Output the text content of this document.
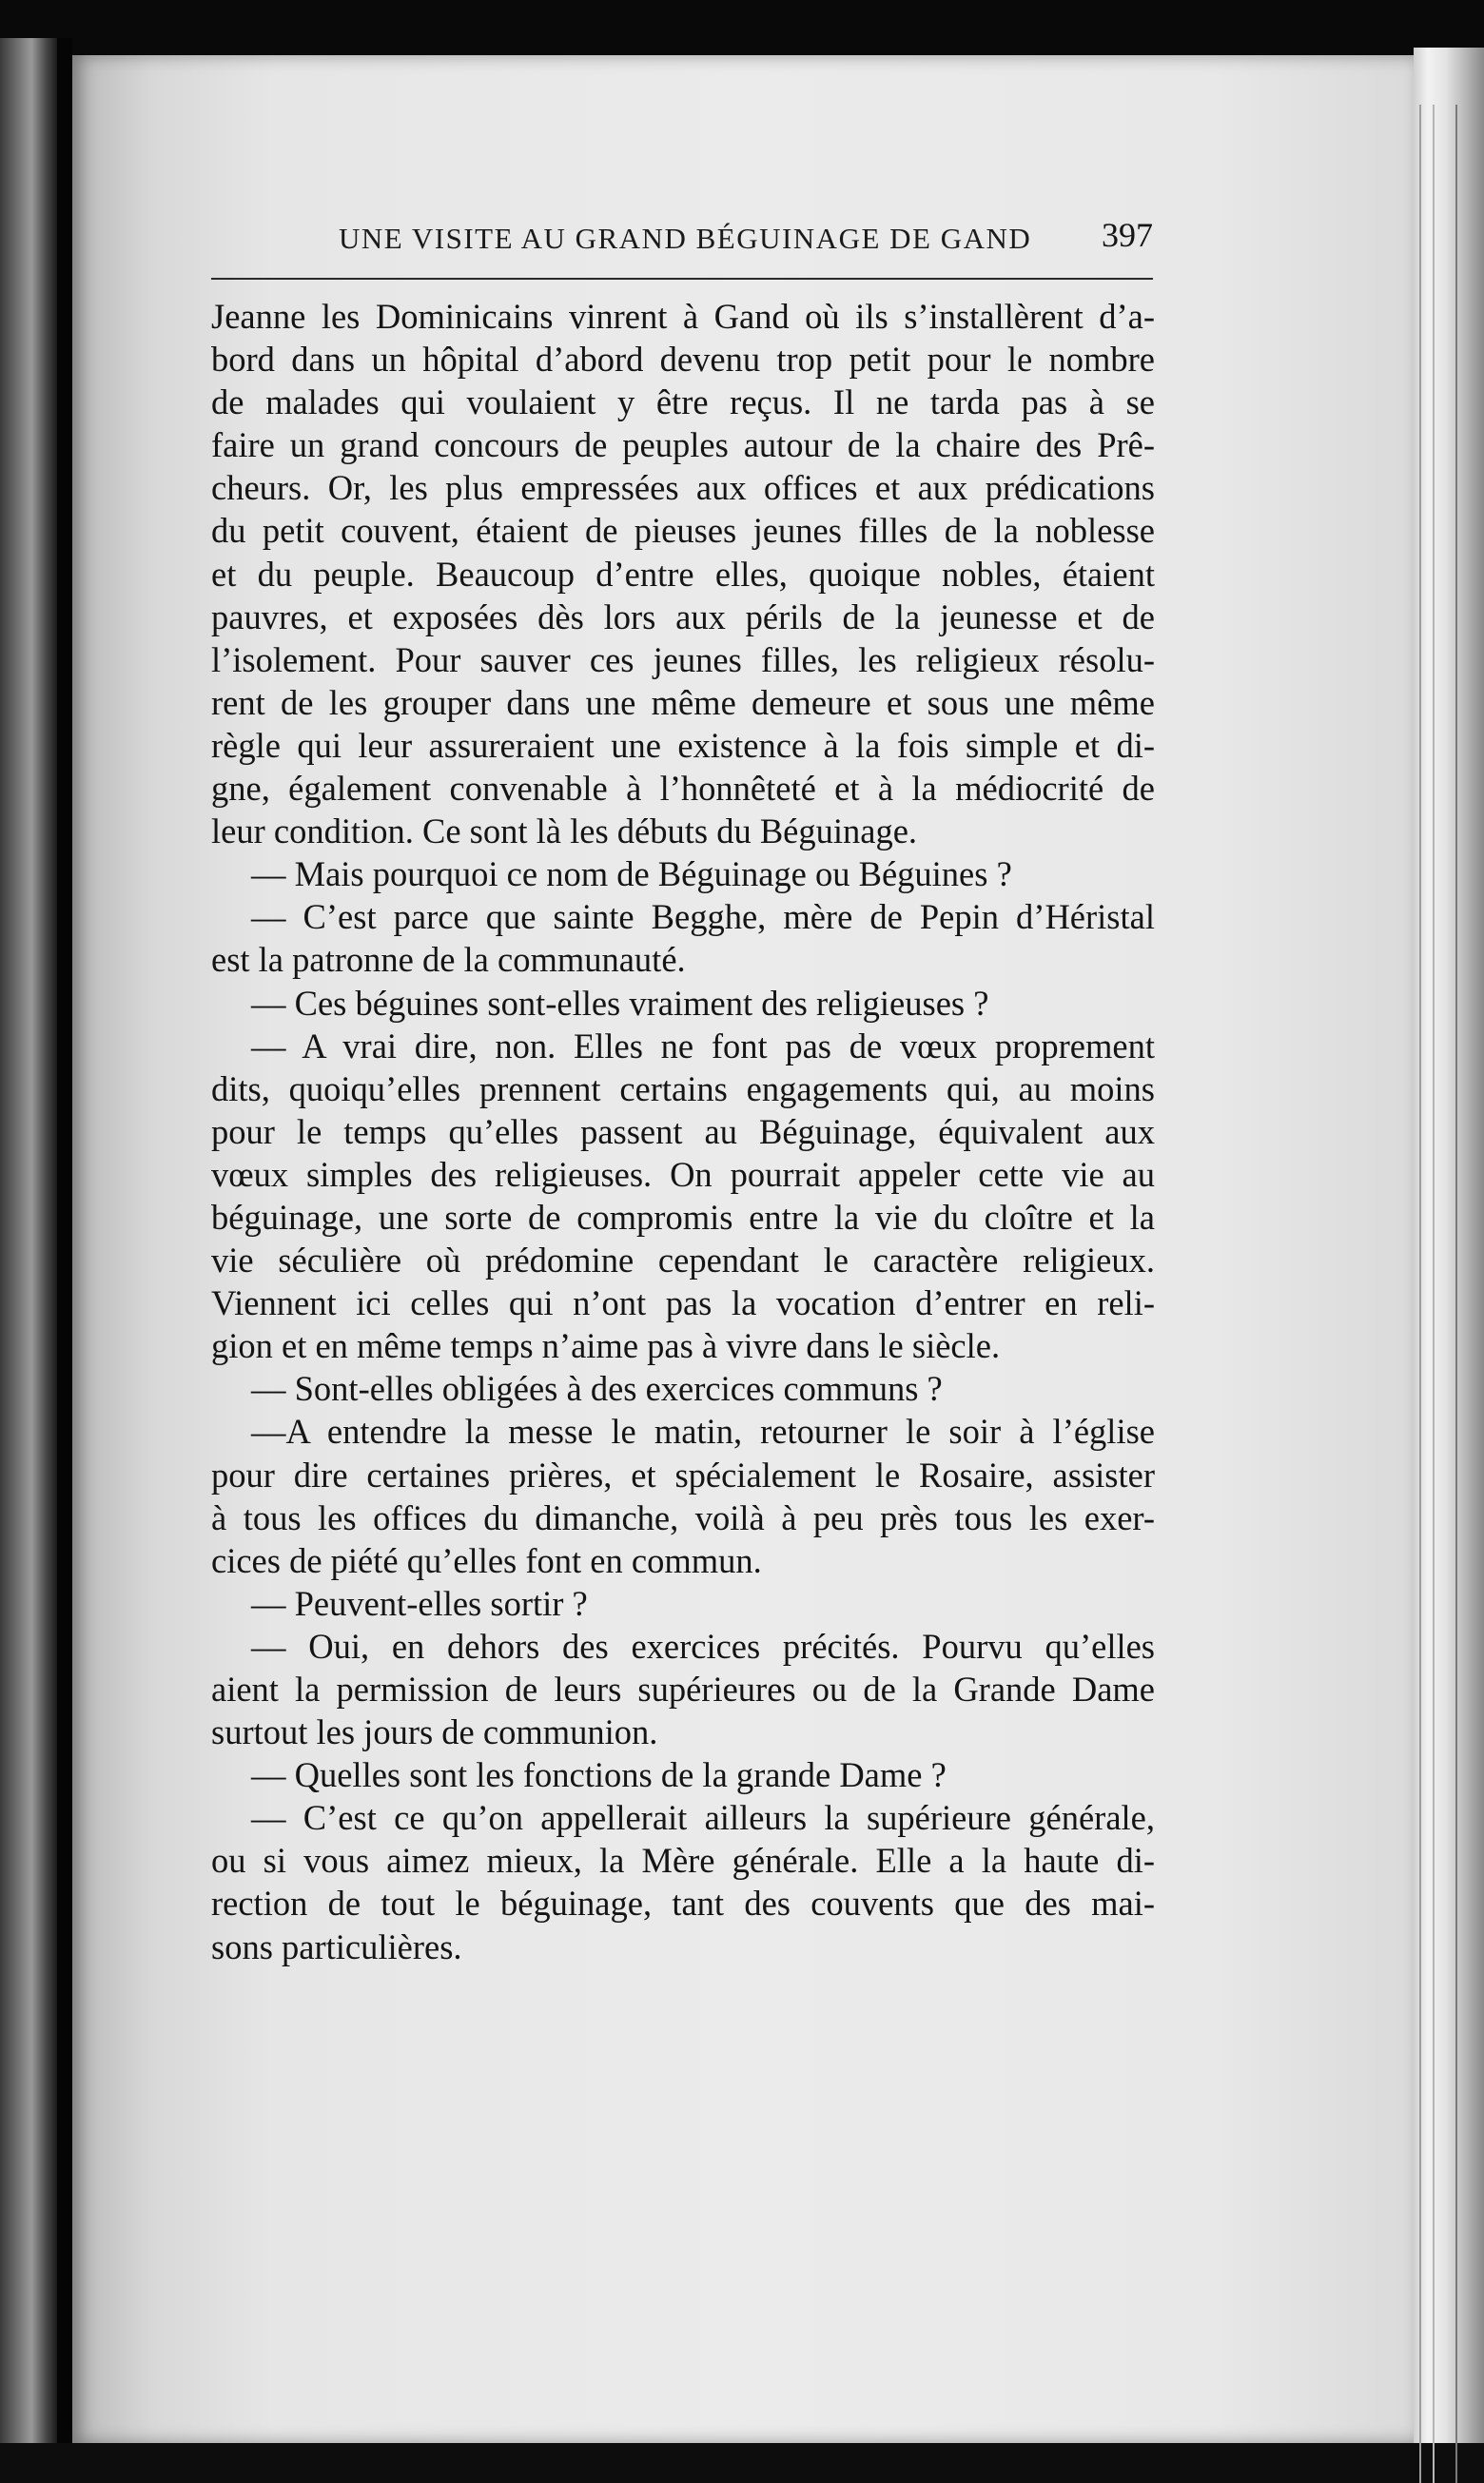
UNE VISITE AU GRAND BÉGUINAGE DE GAND	397
Jeanne les Dominicains vinrent à Gand où ils s’installèrent d’a-
bord dans un hôpital d’abord devenu trop petit pour le nombre
de malades qui voulaient y être reçus. Il ne tarda pas à se
faire un grand concours de peuples autour de la chaire des Prê-
cheurs. Or, les plus empressées aux offices et aux prédications
du petit couvent, étaient de pieuses jeunes filles de la noblesse
et du peuple. Beaucoup d’entre elles, quoique nobles, étaient
pauvres, et exposées dès lors aux périls de la jeunesse et de
l’isolement. Pour sauver ces jeunes filles, les religieux résolu-
rent de les grouper dans une même demeure et sous une même
règle qui leur assureraient une existence à la fois simple et di-
gne, également convenable à l’honnêteté et à la médiocrité de
leur condition. Ce sont là les débuts du Béguinage.
— Mais pourquoi ce nom de Béguinage ou Béguines ?
— C’est parce que sainte Begghe, mère de Pepin d’Héristal
est la patronne de la communauté.
— Ces béguines sont-elles vraiment des religieuses ?
— A vrai dire, non. Elles ne font pas de vœux proprement
dits, quoiqu’elles prennent certains engagements qui, au moins
pour le temps qu’elles passent au Béguinage, équivalent aux
vœux simples des religieuses. On pourrait appeler cette vie au
béguinage, une sorte de compromis entre la vie du cloître et la
vie séculière où prédomine cependant le caractère religieux.
Viennent ici celles qui n’ont pas la vocation d’entrer en reli-
gion et en même temps n’aime pas à vivre dans le siècle.
— Sont-elles obligées à des exercices communs ?
—A entendre la messe le matin, retourner le soir à l’église
pour dire certaines prières, et spécialement le Rosaire, assister
à tous les offices du dimanche, voilà à peu près tous les exer-
cices de piété qu’elles font en commun.
— Peuvent-elles sortir ?
— Oui, en dehors des exercices précités. Pourvu qu’elles
aient la permission de leurs supérieures ou de la Grande Dame
surtout les jours de communion.
— Quelles sont les fonctions de la grande Dame ?
— C’est ce qu’on appellerait ailleurs la supérieure générale,
ou si vous aimez mieux, la Mère générale. Elle a la haute di-
rection de tout le béguinage, tant des couvents que des mai-
sons particulières.
